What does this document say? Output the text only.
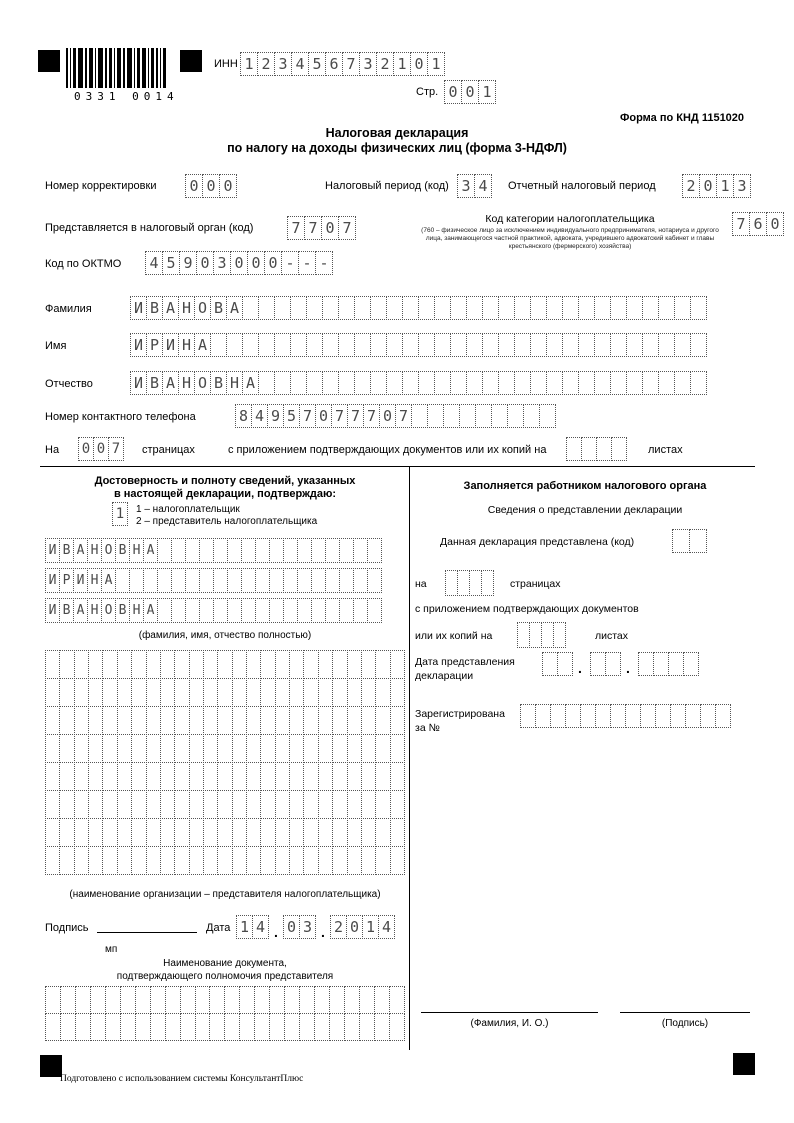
0331 0014
ИНН 1 2 3 4 5 6 7 3 2 1 0 1
Стр. 0 0 1
Форма по КНД 1151020
Налоговая декларация
по налогу на доходы физических лиц (форма 3-НДФЛ)
Номер корректировки 0 0 0	Налоговый период (код) 3 4	Отчетный налоговый период 2 0 1 3
Представляется в налоговый орган (код)	7 7 0 7	Код категории налогоплательщика
(760 – физическое лицо за исключением индивидуального предпринимателя, нотариуса и другого лица, занимающегося частной практикой, адвоката, учредившего адвокатский кабинет и главы крестьянского (фермерского) хозяйства)
7 6 0
Код по ОКТМО 4 5 9 0 3 0 0 0 - - -
Фамилия	И В А Н О В А
Имя	И Р И Н А
Отчество	И В А Н О В Н А
Номер контактного телефона	8 4 9 5 7 0 7 7 7 0 7
На 0 0 7	страницах	с приложением подтверждающих документов или их копий на	листах
Достоверность и полноту сведений, указанных
в настоящей декларации, подтверждаю:
1	1 – налогоплательщик
2 – представитель налогоплательщика
И В А Н О В Н А
И Р И Н А
И В А Н О В Н А
(фамилия, имя, отчество полностью)
(наименование организации – представителя налогоплательщика)
Подпись	Дата 1 4 . 0 3 . 2 0 1 4
мп
Наименование документа,
подтверждающего полномочия представителя
Заполняется работником налогового органа
Сведения о представлении декларации
Данная декларация представлена (код)
на	страницах
с приложением подтверждающих документов
или их копий на	листах
Дата представления
декларации	.	.
Зарегистрирована
за №
(Фамилия, И. О.)	(Подпись)
Подготовлено с использованием системы КонсультантПлюс
